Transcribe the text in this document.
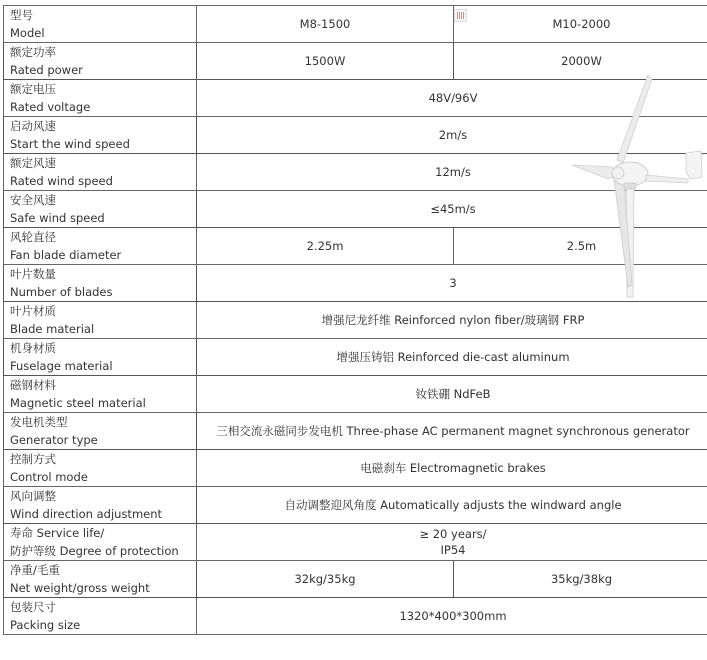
型号
Model	M8-1500	M10-2000

额定功率
Rated power	1500W	2000W

额定电压
Rated voltage	48V/96V	

启动风速
Start the wind speed	2m/s	

额定风速
Rated wind speed	12m/s	

安全风速
Safe wind speed	≤45m/s	

风轮直径
Fan blade diameter	2.25m	2.5m

叶片数量
Number of blades	3	

叶片材质
Blade material	增强尼龙纤维 Reinforced nylon fiber/玻璃钢 FRP	

机身材质
Fuselage material	增强压铸铝 Reinforced die-cast aluminum	

磁钢材料
Magnetic steel material	钕铁硼 NdFeB	

发电机类型
Generator type	三相交流永磁同步发电机 Three-phase AC permanent magnet synchronous generator	

控制方式
Control mode	电磁刹车 Electromagnetic brakes	

风向调整
Wind direction adjustment	自动调整迎风角度 Automatically adjusts the windward angle	

寿命 Service life/
防护等级 Degree of protection	≥ 20 years/
IP54	

净重/毛重
Net weight/gross weight	32kg/35kg	35kg/38kg

包装尺寸
Packing size	1320*400*300mm	
